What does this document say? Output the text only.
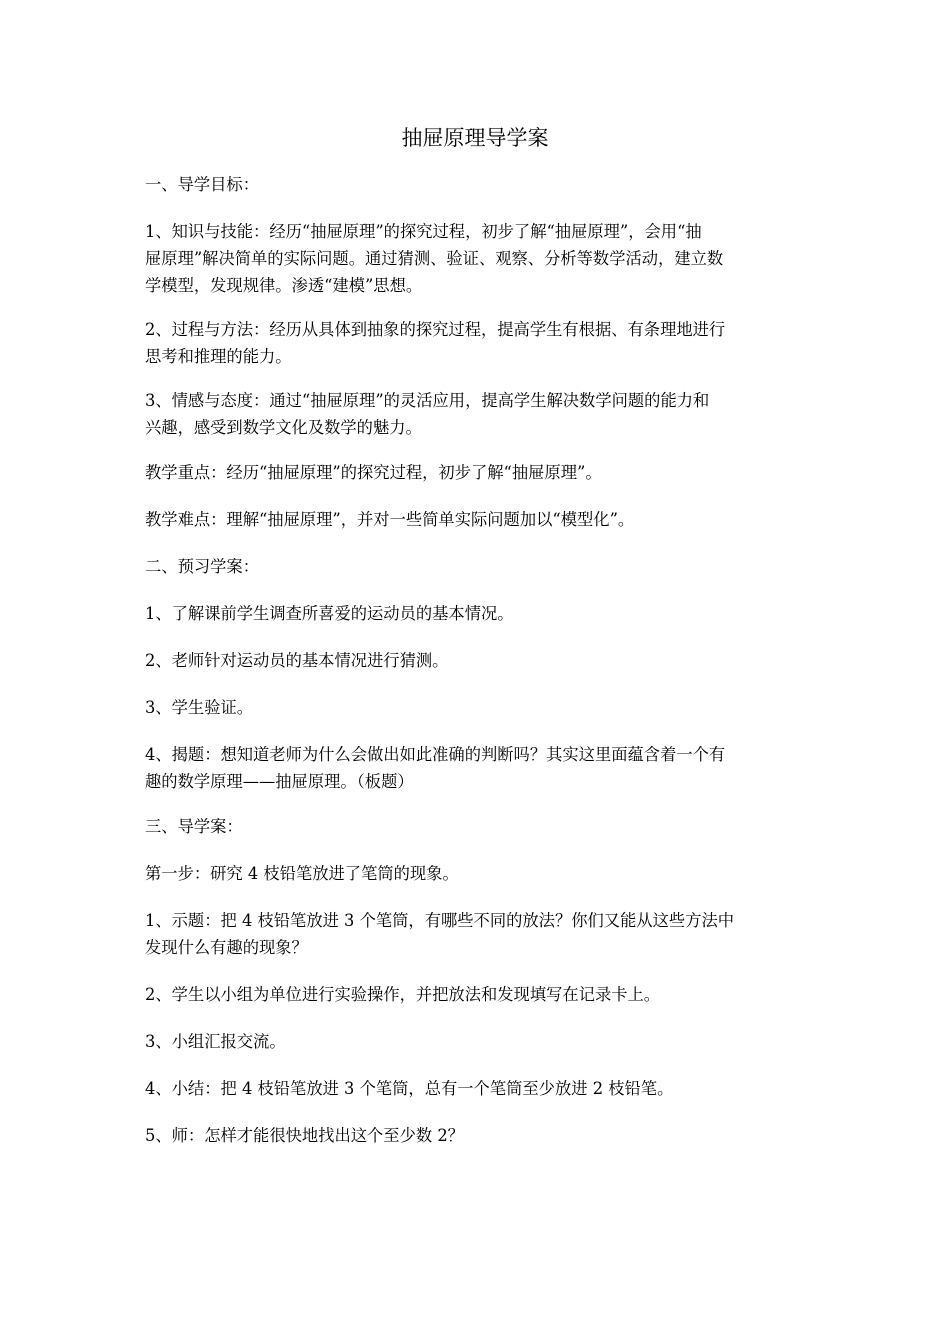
抽屉原理导学案

一、导学目标：

1、知识与技能：经历“抽屉原理”的探究过程，初步了解“抽屉原理”，会用“抽
屉原理”解决简单的实际问题。通过猜测、验证、观察、分析等数学活动，建立数
学模型，发现规律。渗透“建模”思想。

2、过程与方法：经历从具体到抽象的探究过程，提高学生有根据、有条理地进行
思考和推理的能力。

3、情感与态度：通过“抽屉原理”的灵活应用，提高学生解决数学问题的能力和
兴趣，感受到数学文化及数学的魅力。

教学重点：经历“抽屉原理”的探究过程，初步了解“抽屉原理”。

教学难点：理解“抽屉原理”，并对一些简单实际问题加以“模型化”。

二、预习学案：

1、了解课前学生调查所喜爱的运动员的基本情况。

2、老师针对运动员的基本情况进行猜测。

3、学生验证。

4、揭题：想知道老师为什么会做出如此准确的判断吗？其实这里面蕴含着一个有
趣的数学原理——抽屉原理。（板题）

三、导学案：

第一步：研究 4 枝铅笔放进了笔筒的现象。

1、示题：把 4 枝铅笔放进 3 个笔筒，有哪些不同的放法？你们又能从这些方法中
发现什么有趣的现象？

2、学生以小组为单位进行实验操作，并把放法和发现填写在记录卡上。

3、小组汇报交流。

4、小结：把 4 枝铅笔放进 3 个笔筒，总有一个笔筒至少放进 2 枝铅笔。

5、师：怎样才能很快地找出这个至少数 2？
